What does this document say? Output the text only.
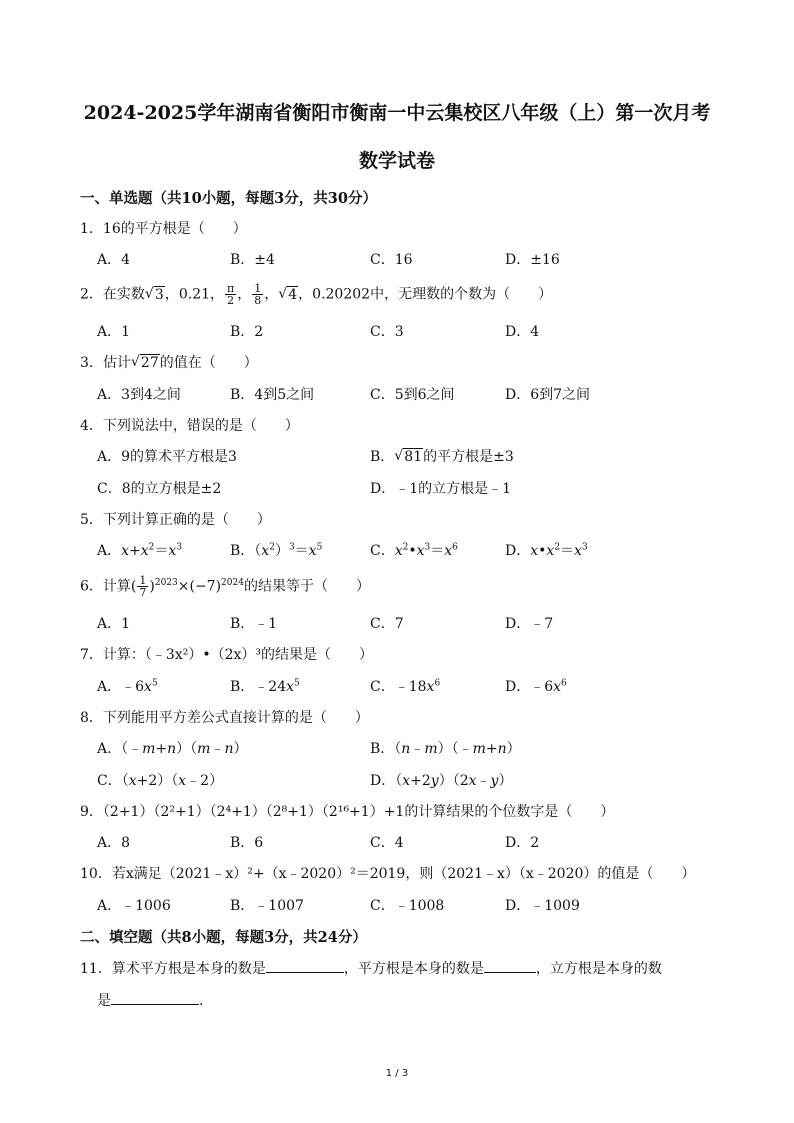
2024-2025学年湖南省衡阳市衡南一中云集校区八年级（上）第一次月考
数学试卷
一、单选题（共10小题，每题3分，共30分）
1．16的平方根是（　　）
A．4	B．±4	C．16	D．±16
2．在实数 √ 3，0.21， $\frac{\pi}{2}$ ， $\frac{1}{8}$ ， √ 4，0.20202中，无理数的个数为（　　）
A．1	B．2	C．3	D．4
3．估计 √ 27的值在（　　）
A．3到4之间	B．4到5之间	C．5到6之间	D．6到7之间
4．下列说法中，错误的是（　　）
A．9的算术平方根是3	B． √ 81的平方根是±3
C．8的立方根是±2	D．﹣1的立方根是﹣1
5．下列计算正确的是（　　）
A．$x+x^2=x^3$	B．$(x^2)^3=x^5$	C．$x^2•x^3=x^6$	D．$x•x^2=x^3$
6．计算( $\frac{1}{7} )^{2023}\times(-7)^{2024}$的结果等于（　　）
A．1	B．﹣1	C．7	D．﹣7
7．计算：（﹣3x²）•（2x）³的结果是（　　）
A．$﹣6x^5$	B．$﹣24x^5$	C．$﹣18x^6$	D．$﹣6x^6$
8．下列能用平方差公式直接计算的是（　　）
A．（﹣m+n）（m﹣n）	B．（n﹣m）（﹣m+n）
C．（x+2）（x﹣2）	D．（x+2y）（2x﹣y）
9．（2+1）（2²+1）（2⁴+1）（2⁸+1）（2¹⁶+1）+1的计算结果的个位数字是（　　）
A．8	B．6	C．4	D．2
10．若x满足（2021﹣x）²+（x﹣2020）²＝2019，则（2021﹣x）（x﹣2020）的值是（　　）
A．﹣1006	B．﹣1007	C．﹣1008	D．﹣1009
二、填空题（共8小题，每题3分，共24分）
11．算术平方根是本身的数是	，平方根是本身的数是	，立方根是本身的数
是	.
1 / 3
